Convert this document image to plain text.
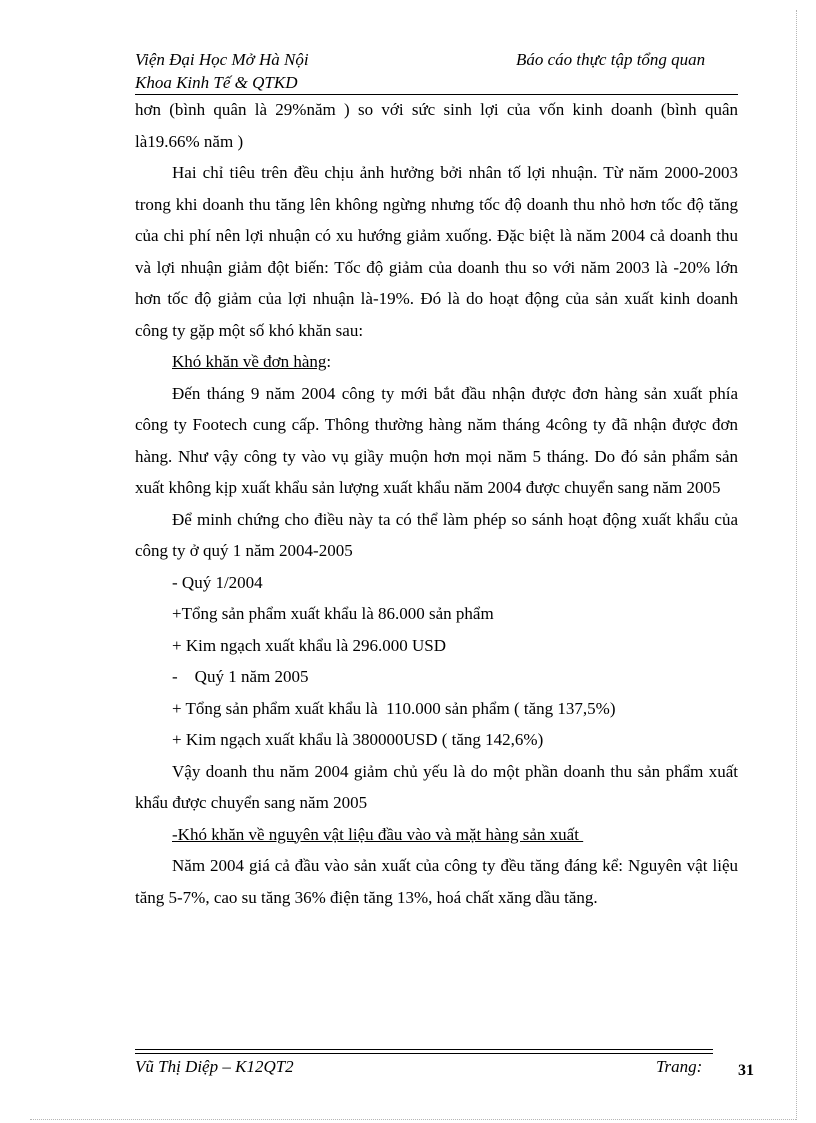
Viện Đại Học Mở Hà Nội
Khoa Kinh Tế & QTKD
Báo cáo thực tập tổng quan

hơn (bình quân là 29%năm ) so với sức sinh lợi của vốn kinh doanh (bình quân là19.66% năm )

Hai chỉ tiêu trên đều chịu ảnh hưởng bởi nhân tố lợi nhuận. Từ năm 2000-2003 trong khi doanh thu tăng lên không ngừng nhưng tốc độ doanh thu nhỏ hơn tốc độ tăng của chi phí nên lợi nhuận có xu hướng giảm xuống. Đặc biệt là năm 2004 cả doanh thu và lợi nhuận giảm đột biến: Tốc độ giảm của doanh thu so với năm 2003 là -20% lớn hơn tốc độ giảm của lợi nhuận là-19%. Đó là do hoạt động của sản xuất kinh doanh công ty gặp một số khó khăn sau:

Khó khăn về đơn hàng:

Đến tháng 9 năm 2004 công ty mới bắt đầu nhận được đơn hàng sản xuất phía công ty Footech cung cấp. Thông thường hàng năm tháng 4công ty đã nhận được đơn hàng. Như vậy công ty vào vụ giầy muộn hơn mọi năm 5 tháng. Do đó sản phẩm sản xuất không kịp xuất khẩu sản lượng xuất khẩu năm 2004 được chuyển sang năm 2005

Để minh chứng cho điều này ta có thể làm phép so sánh hoạt động xuất khẩu của công ty ở quý 1 năm 2004-2005

- Quý 1/2004
+Tổng sản phẩm xuất khẩu là 86.000 sản phẩm
+ Kim ngạch xuất khẩu là 296.000 USD
-    Quý 1 năm 2005
+ Tổng sản phẩm xuất khẩu là  110.000 sản phẩm ( tăng 137,5%)
+ Kim ngạch xuất khẩu là 380000USD ( tăng 142,6%)

Vậy doanh thu năm 2004 giảm chủ yếu là do một phần doanh thu sản phẩm xuất khẩu được chuyển sang năm 2005

-Khó khăn về nguyên vật liệu đầu vào và mặt hàng sản xuất

Năm 2004 giá cả đầu vào sản xuất của công ty đều tăng đáng kể: Nguyên vật liệu tăng 5-7%, cao su tăng 36% điện tăng 13%, hoá chất xăng dầu tăng.

Vũ Thị Diệp – K12QT2	Trang: 31
